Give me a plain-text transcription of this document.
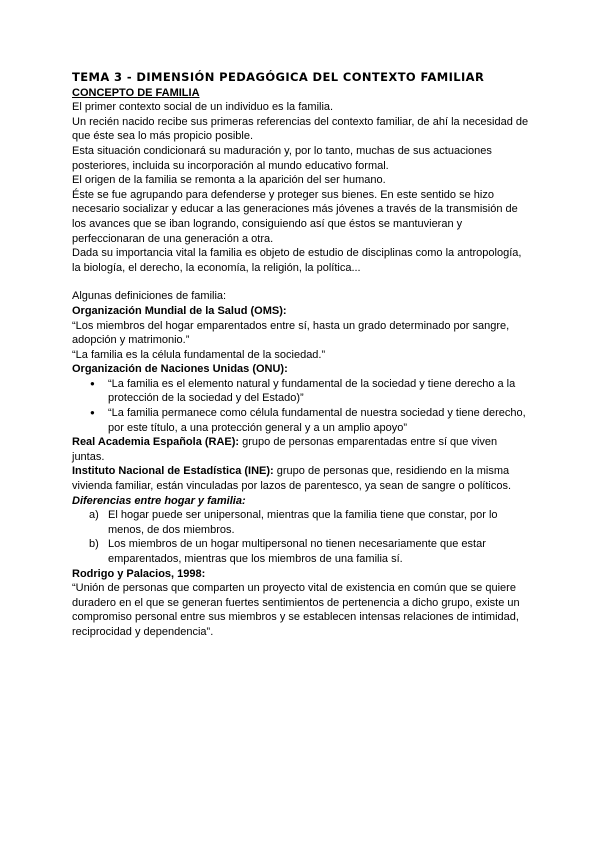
TEMA 3 - DIMENSIÓN PEDAGÓGICA DEL CONTEXTO FAMILIAR

CONCEPTO DE FAMILIA

El primer contexto social de un individuo es la familia.

Un recién nacido recibe sus primeras referencias del contexto familiar, de ahí la necesidad de que éste sea lo más propicio posible.

Esta situación condicionará su maduración y, por lo tanto, muchas de sus actuaciones posteriores, incluida su incorporación al mundo educativo formal.

El origen de la familia se remonta a la aparición del ser humano.

Éste se fue agrupando para defenderse y proteger sus bienes. En este sentido se hizo necesario socializar y educar a las generaciones más jóvenes a través de la transmisión de los avances que se iban logrando, consiguiendo así que éstos se mantuvieran y perfeccionaran de una generación a otra.

Dada su importancia vital la familia es objeto de estudio de disciplinas como la antropología, la biología, el derecho, la economía, la religión, la política...

Algunas definiciones de familia:

Organización Mundial de la Salud (OMS):

“Los miembros del hogar emparentados entre sí, hasta un grado determinado por sangre, adopción y matrimonio.”

“La familia es la célula fundamental de la sociedad.”

Organización de Naciones Unidas (ONU):

● “La familia es el elemento natural y fundamental de la sociedad y tiene derecho a la protección de la sociedad y del Estado)”
● “La familia permanece como célula fundamental de nuestra sociedad y tiene derecho, por este título, a una protección general y a un amplio apoyo”

Real Academia Española (RAE): grupo de personas emparentadas entre sí que viven juntas.

Instituto Nacional de Estadística (INE): grupo de personas que, residiendo en la misma vivienda familiar, están vinculadas por lazos de parentesco, ya sean de sangre o políticos.

Diferencias entre hogar y familia:

a) El hogar puede ser unipersonal, mientras que la familia tiene que constar, por lo menos, de dos miembros.
b) Los miembros de un hogar multipersonal no tienen necesariamente que estar emparentados, mientras que los miembros de una familia sí.

Rodrigo y Palacios, 1998:

“Unión de personas que comparten un proyecto vital de existencia en común que se quiere duradero en el que se generan fuertes sentimientos de pertenencia a dicho grupo, existe un compromiso personal entre sus miembros y se establecen intensas relaciones de intimidad, reciprocidad y dependencia”.
